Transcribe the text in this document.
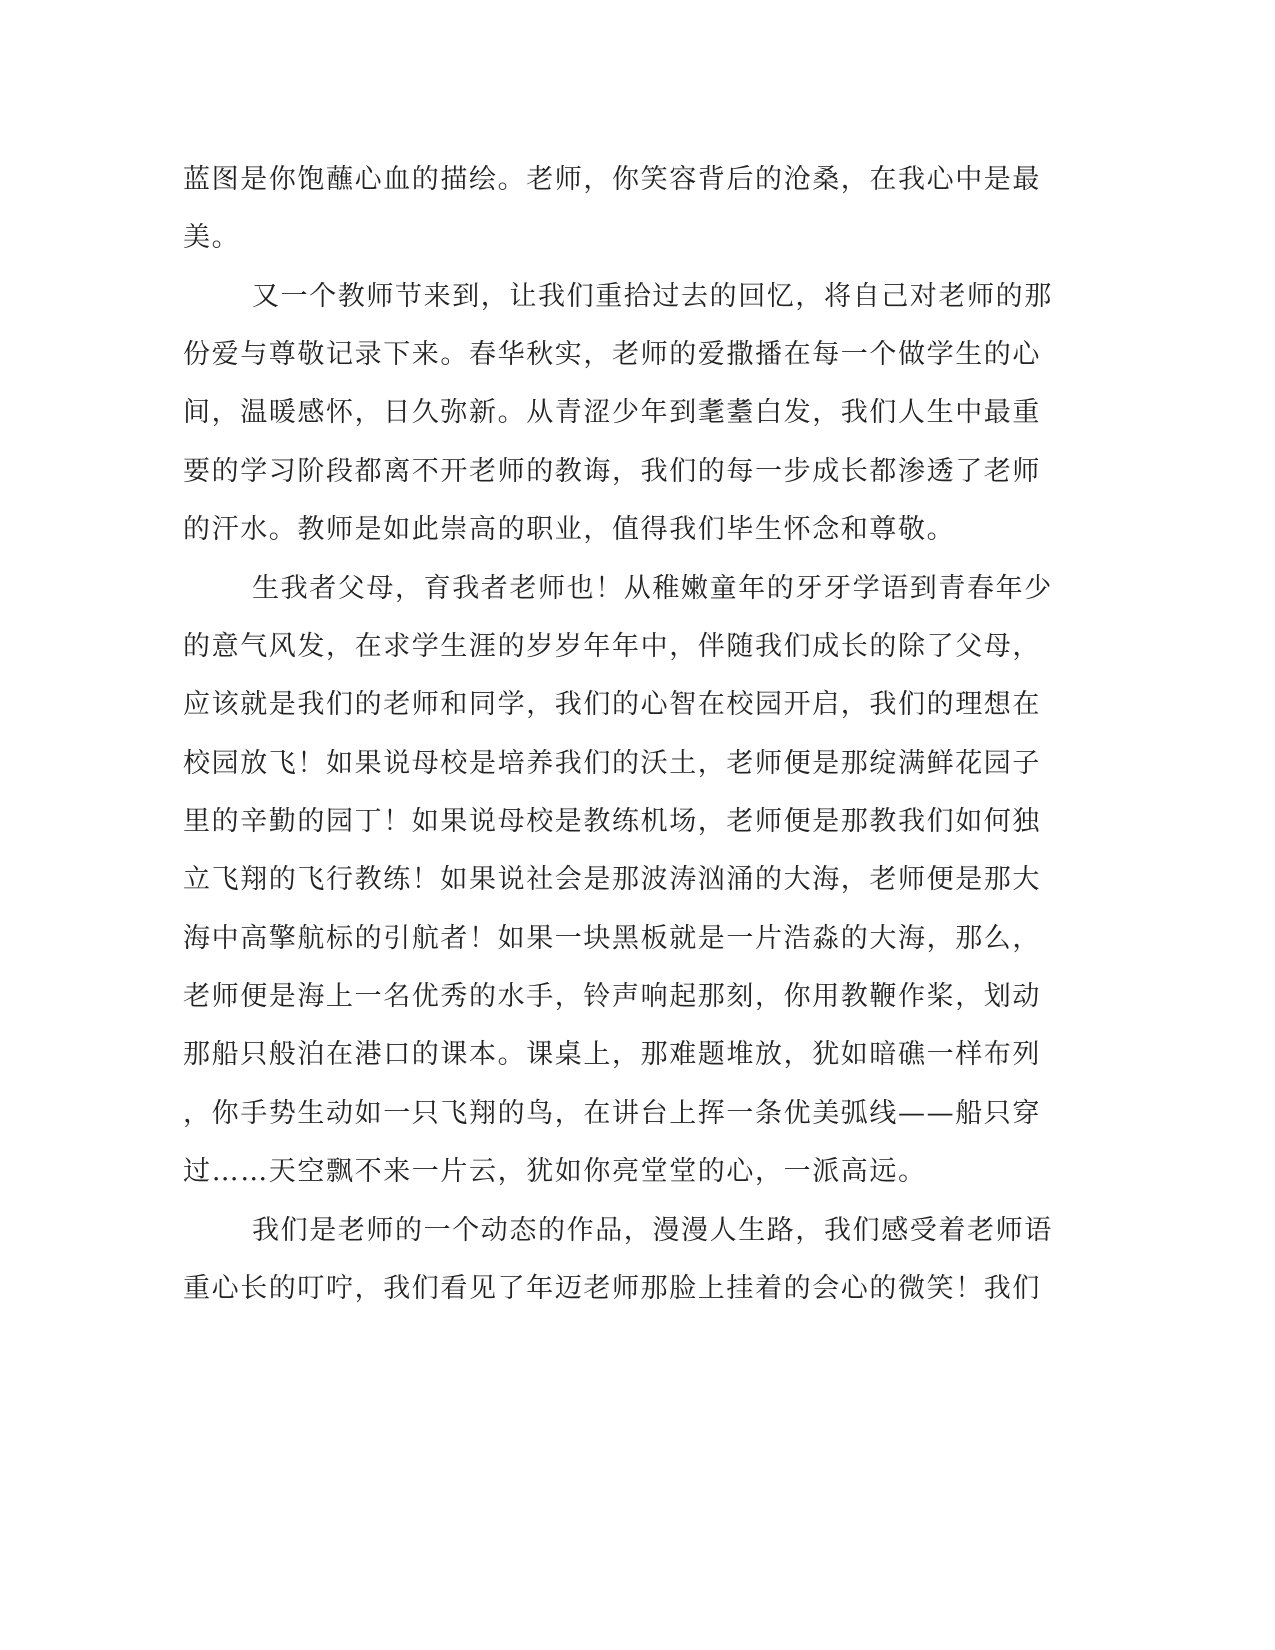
蓝图是你饱蘸心血的描绘。老师，你笑容背后的沧桑，在我心中是最
美。
又一个教师节来到，让我们重拾过去的回忆，将自己对老师的那
份爱与尊敬记录下来。春华秋实，老师的爱撒播在每一个做学生的心
间，温暖感怀，日久弥新。从青涩少年到耄耋白发，我们人生中最重
要的学习阶段都离不开老师的教诲，我们的每一步成长都渗透了老师
的汗水。教师是如此崇高的职业，值得我们毕生怀念和尊敬。
生我者父母，育我者老师也！从稚嫩童年的牙牙学语到青春年少
的意气风发，在求学生涯的岁岁年年中，伴随我们成长的除了父母，
应该就是我们的老师和同学，我们的心智在校园开启，我们的理想在
校园放飞！如果说母校是培养我们的沃土，老师便是那绽满鲜花园子
里的辛勤的园丁！如果说母校是教练机场，老师便是那教我们如何独
立飞翔的飞行教练！如果说社会是那波涛汹涌的大海，老师便是那大
海中高擎航标的引航者！如果一块黑板就是一片浩淼的大海，那么，
老师便是海上一名优秀的水手，铃声响起那刻，你用教鞭作桨，划动
那船只般泊在港口的课本。课桌上，那难题堆放，犹如暗礁一样布列
，你手势生动如一只飞翔的鸟，在讲台上挥一条优美弧线——船只穿
过……天空飘不来一片云，犹如你亮堂堂的心，一派高远。
我们是老师的一个动态的作品，漫漫人生路，我们感受着老师语
重心长的叮咛，我们看见了年迈老师那脸上挂着的会心的微笑！我们
